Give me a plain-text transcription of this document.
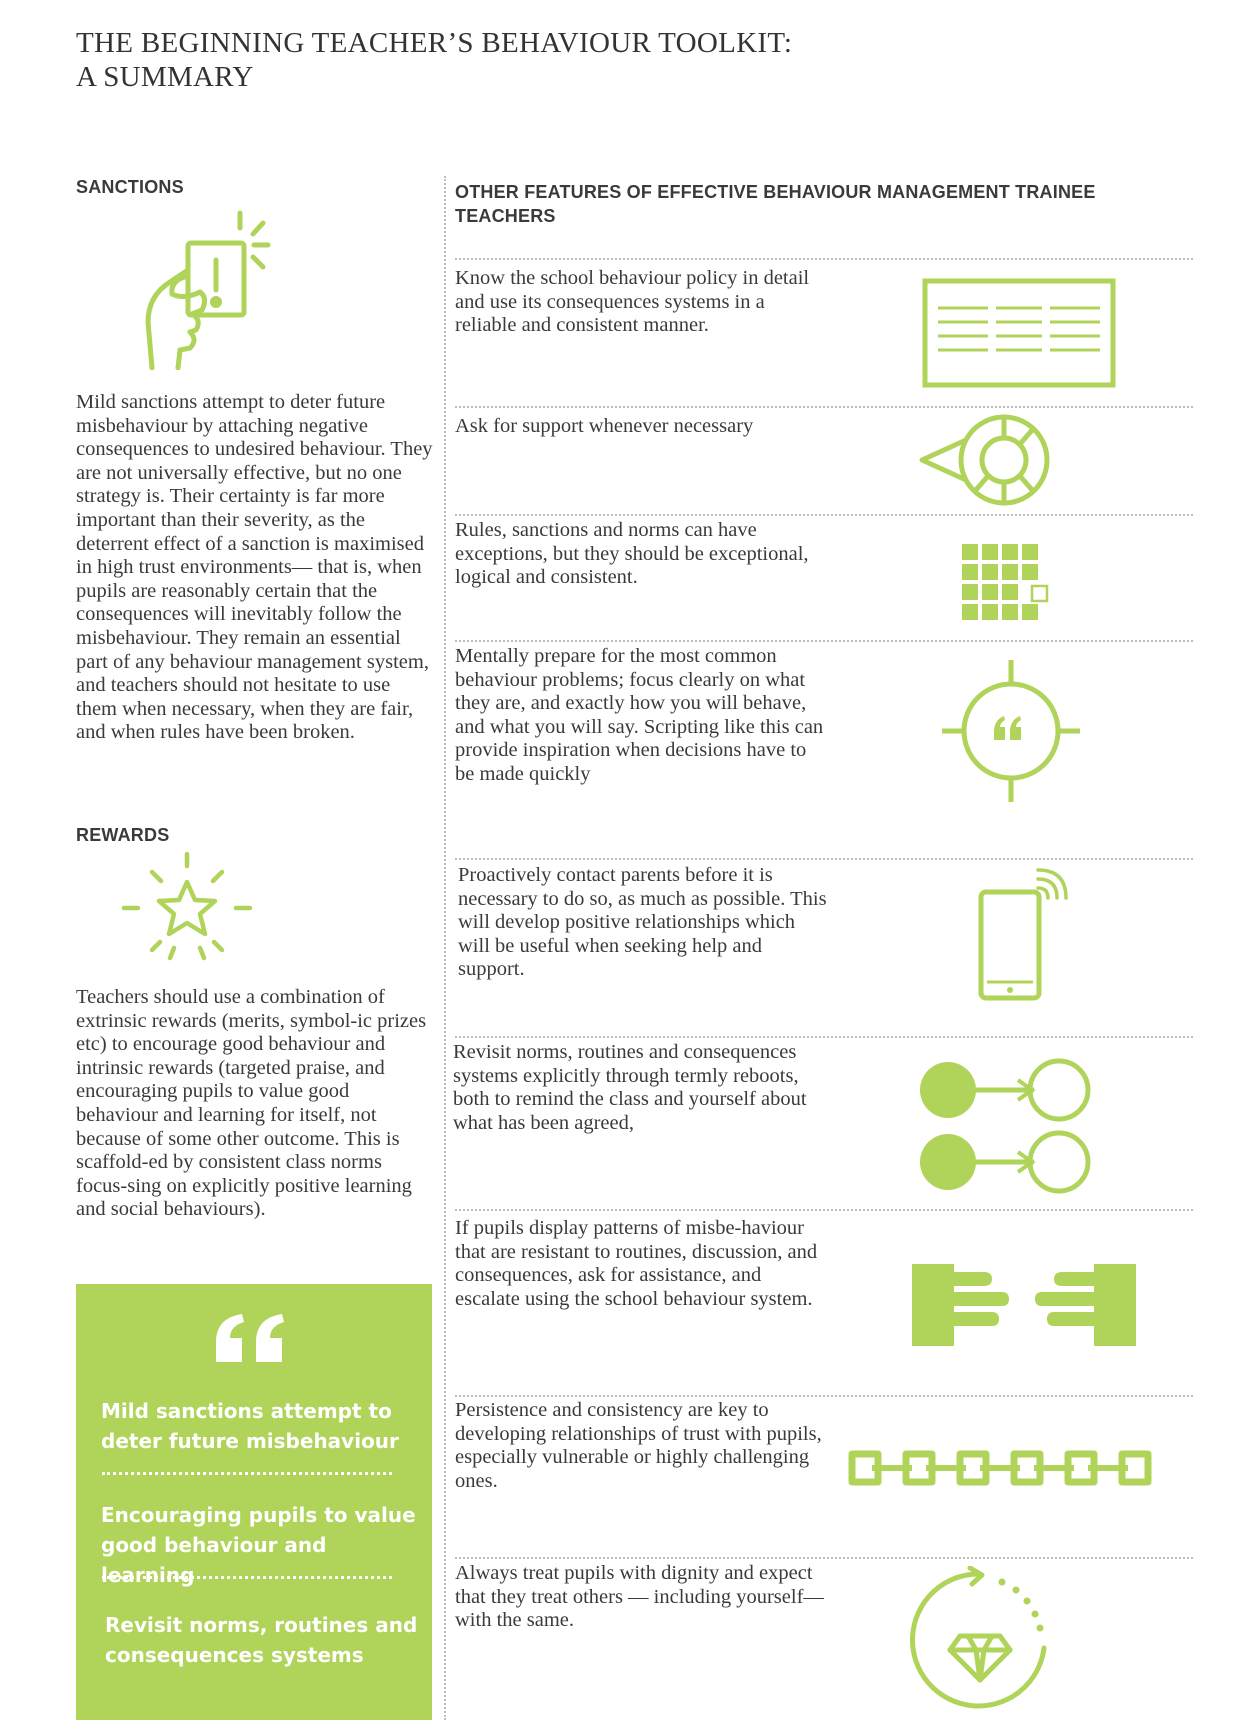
THE BEGINNING TEACHER’S BEHAVIOUR TOOLKIT:
A SUMMARY
SANCTIONS
Mild sanctions attempt to deter future misbehaviour by attaching negative consequences to undesired behaviour. They are not universally effective, but no one strategy is. Their certainty is far more important than their severity, as the deterrent effect of a sanction is maximised in high trust environments— that is, when pupils are reasonably certain that the consequences will inevitably follow the misbehaviour. They remain an essential part of any behaviour management system, and teachers should not hesitate to use them when necessary, when they are fair, and when rules have been broken.
REWARDS
Teachers should use a combination of extrinsic rewards (merits, symbol-ic prizes etc) to encourage good behaviour and intrinsic rewards (targeted praise, and encouraging pupils to value good behaviour and learning for itself, not because of some other outcome. This is scaffold-ed by consistent class norms focus-sing on explicitly positive learning and social behaviours).
Mild sanctions attempt to deter future misbehaviour
Encouraging pupils to value good behaviour and learning
Revisit norms, routines and consequences systems
OTHER FEATURES OF EFFECTIVE BEHAVIOUR MANAGEMENT TRAINEE TEACHERS
Know the school behaviour policy in detail and use its consequences systems in a reliable and consistent manner.
Ask for support whenever necessary
Rules, sanctions and norms can have exceptions, but they should be exceptional, logical and consistent.
Mentally prepare for the most common behaviour problems; focus clearly on what they are, and exactly how you will behave, and what you will say. Scripting like this can provide inspiration when decisions have to be made quickly
Proactively contact parents before it is necessary to do so, as much as possible. This will develop positive relationships which will be useful when seeking help and support.
Revisit norms, routines and consequences systems explicitly through termly reboots, both to remind the class and yourself about what has been agreed,
If pupils display patterns of misbe-haviour that are resistant to routines, discussion, and consequences, ask for assistance, and escalate using the school behaviour system.
Persistence and consistency are key to developing relationships of trust with pupils, especially vulnerable or highly challenging ones.
Always treat pupils with dignity and expect that they treat others — including yourself— with the same.
